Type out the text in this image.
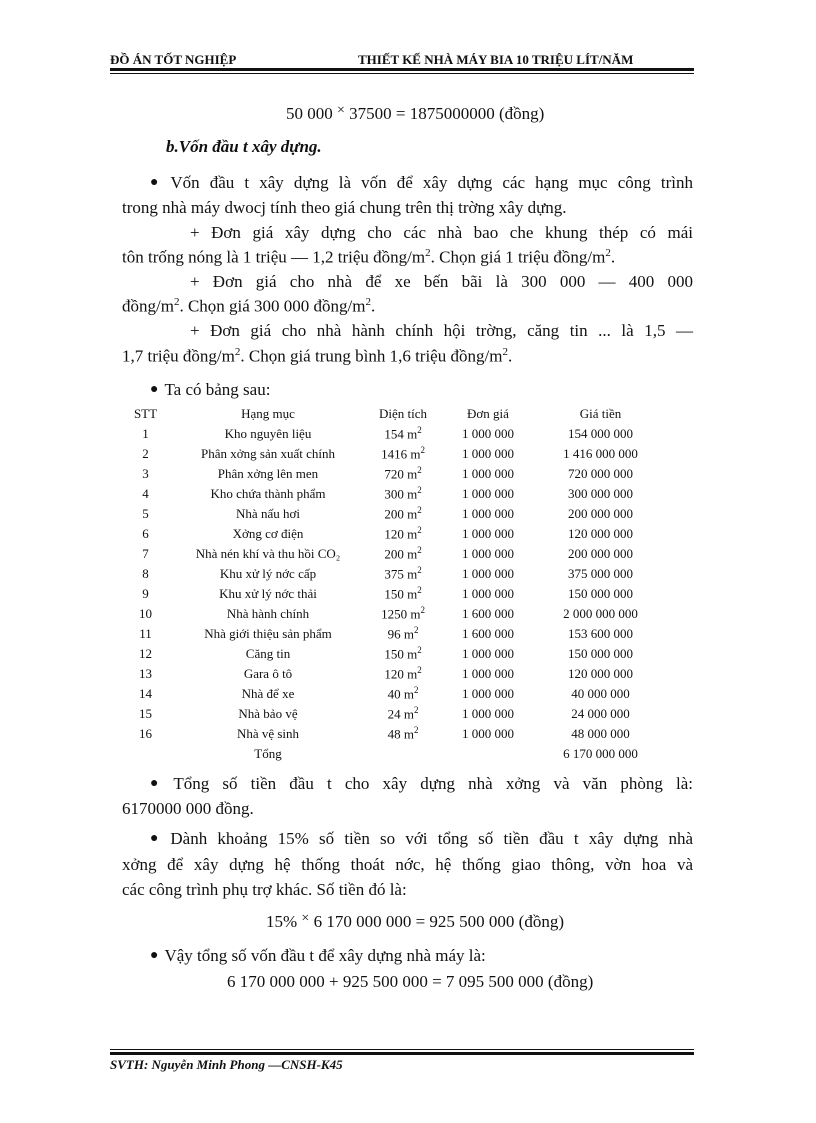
ĐỒ ÁN TỐT NGHIỆP	THIẾT KẾ NHÀ MÁY BIA 10 TRIỆU LÍT/NĂM
50 000 × 37500 = 1875000000 (đồng)
b.Vốn đầu t xây dựng.
● Vốn đầu t xây dựng là vốn để xây dựng các hạng mục công trình
trong nhà máy dwocj tính theo giá chung trên thị trờng xây dựng.
+ Đơn giá xây dựng cho các nhà bao che khung thép có mái
tôn trống nóng là 1 triệu — 1,2 triệu đồng/$m^2$. Chọn giá 1 triệu đồng/$m^2$.
+ Đơn giá cho nhà để xe bến bãi là 300 000 — 400 000
đồng/$m^2$. Chọn giá 300 000 đồng/$m^2$.
+ Đơn giá cho nhà hành chính hội trờng, căng tin ... là 1,5 —
1,7 triệu đồng/$m^2$. Chọn giá trung bình 1,6 triệu đồng/$m^2$.
● Ta có bảng sau:
STT	Hạng mục	Diện tích	Đơn giá	Giá tiền
1	Kho nguyên liệu	154 $m^2$	1 000 000	154 000 000
2	Phân xởng sản xuất chính	1416 $m^2$	1 000 000	1 416 000 000
3	Phân xởng lên men	720 $m^2$	1 000 000	720 000 000
4	Kho chứa thành phẩm	300 $m^2$	1 000 000	300 000 000
5	Nhà nấu hơi	200 $m^2$	1 000 000	200 000 000
6	Xởng cơ điện	120 $m^2$	1 000 000	120 000 000
7	Nhà nén khí và thu hồi CO₂	200 $m^2$	1 000 000	200 000 000
8	Khu xử lý nớc cấp	375 $m^2$	1 000 000	375 000 000
9	Khu xử lý nớc thải	150 $m^2$	1 000 000	150 000 000
10	Nhà hành chính	1250 $m^2$	1 600 000	2 000 000 000
11	Nhà giới thiệu sản phẩm	96 $m^2$	1 600 000	153 600 000
12	Căng tin	150 $m^2$	1 000 000	150 000 000
13	Gara ô tô	120 $m^2$	1 000 000	120 000 000
14	Nhà để xe	40 $m^2$	1 000 000	40 000 000
15	Nhà bảo vệ	24 $m^2$	1 000 000	24 000 000
16	Nhà vệ sinh	48 $m^2$	1 000 000	48 000 000
	Tổng			6 170 000 000
● Tổng số tiền đầu t cho xây dựng nhà xởng và văn phòng là:
6170000 000 đồng.
● Dành khoảng 15% số tiền so với tổng số tiền đầu t xây dựng nhà
xởng để xây dựng hệ thống thoát nớc, hệ thống giao thông, vờn hoa và
các công trình phụ trợ khác. Số tiền đó là:
15% × 6 170 000 000 = 925 500 000 (đồng)
● Vậy tổng số vốn đầu t để xây dựng nhà máy là:
6 170 000 000 + 925 500 000 = 7 095 500 000 (đồng)
SVTH: Nguyễn Minh Phong —CNSH-K45
